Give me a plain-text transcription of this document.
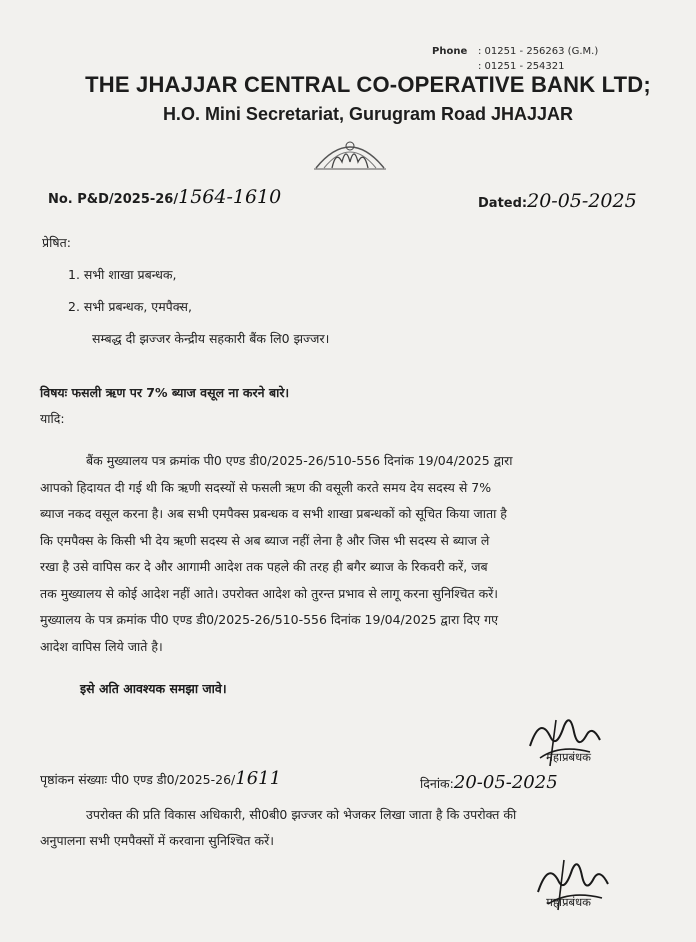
Phone : 01251 - 256263 (G.M.)
: 01251 - 254321
THE JHAJJAR CENTRAL CO-OPERATIVE BANK LTD;
H.O. Mini Secretariat, Gurugram Road JHAJJAR
No. P&D/2025-26/1564-1610	Dated:20-05-2025
प्रेषित:
1. सभी शाखा प्रबन्धक,
2. सभी प्रबन्धक, एमपैक्स,
सम्बद्ध दी झज्जर केन्द्रीय सहकारी बैंक लि0 झज्जर।
विषयः फसली ऋण पर 7% ब्याज वसूल ना करने बारे।
यादि:
बैंक मुख्यालय पत्र क्रमांक पी0 एण्ड डी0/2025-26/510-556 दिनांक 19/04/2025 द्वारा
आपको हिदायत दी गई थी कि ऋणी सदस्यों से फसली ऋण की वसूली करते समय देय सदस्य से 7%
ब्याज नकद वसूल करना है। अब सभी एमपैक्स प्रबन्धक व सभी शाखा प्रबन्धकों को सूचित किया जाता है
कि एमपैक्स के किसी भी देय ऋणी सदस्य से अब ब्याज नहीं लेना है और जिस भी सदस्य से ब्याज ले
रखा है उसे वापिस कर दे और आगामी आदेश तक पहले की तरह ही बगैर ब्याज के रिकवरी करें, जब
तक मुख्यालय से कोई आदेश नहीं आते। उपरोक्त आदेश को तुरन्त प्रभाव से लागू करना सुनिश्चित करें।
मुख्यालय के पत्र क्रमांक पी0 एण्ड डी0/2025-26/510-556 दिनांक 19/04/2025 द्वारा दिए गए
आदेश वापिस लिये जाते है।
इसे अति आवश्यक समझा जावे।
महाप्रबंधक
पृष्ठांकन संख्याः पी0 एण्ड डी0/2025-26/1611	दिनांक:20-05-2025
उपरोक्त की प्रति विकास अधिकारी, सी0बी0 झज्जर को भेजकर लिखा जाता है कि उपरोक्त की
अनुपालना सभी एमपैक्सों में करवाना सुनिश्चित करें।
महाप्रबंधक
